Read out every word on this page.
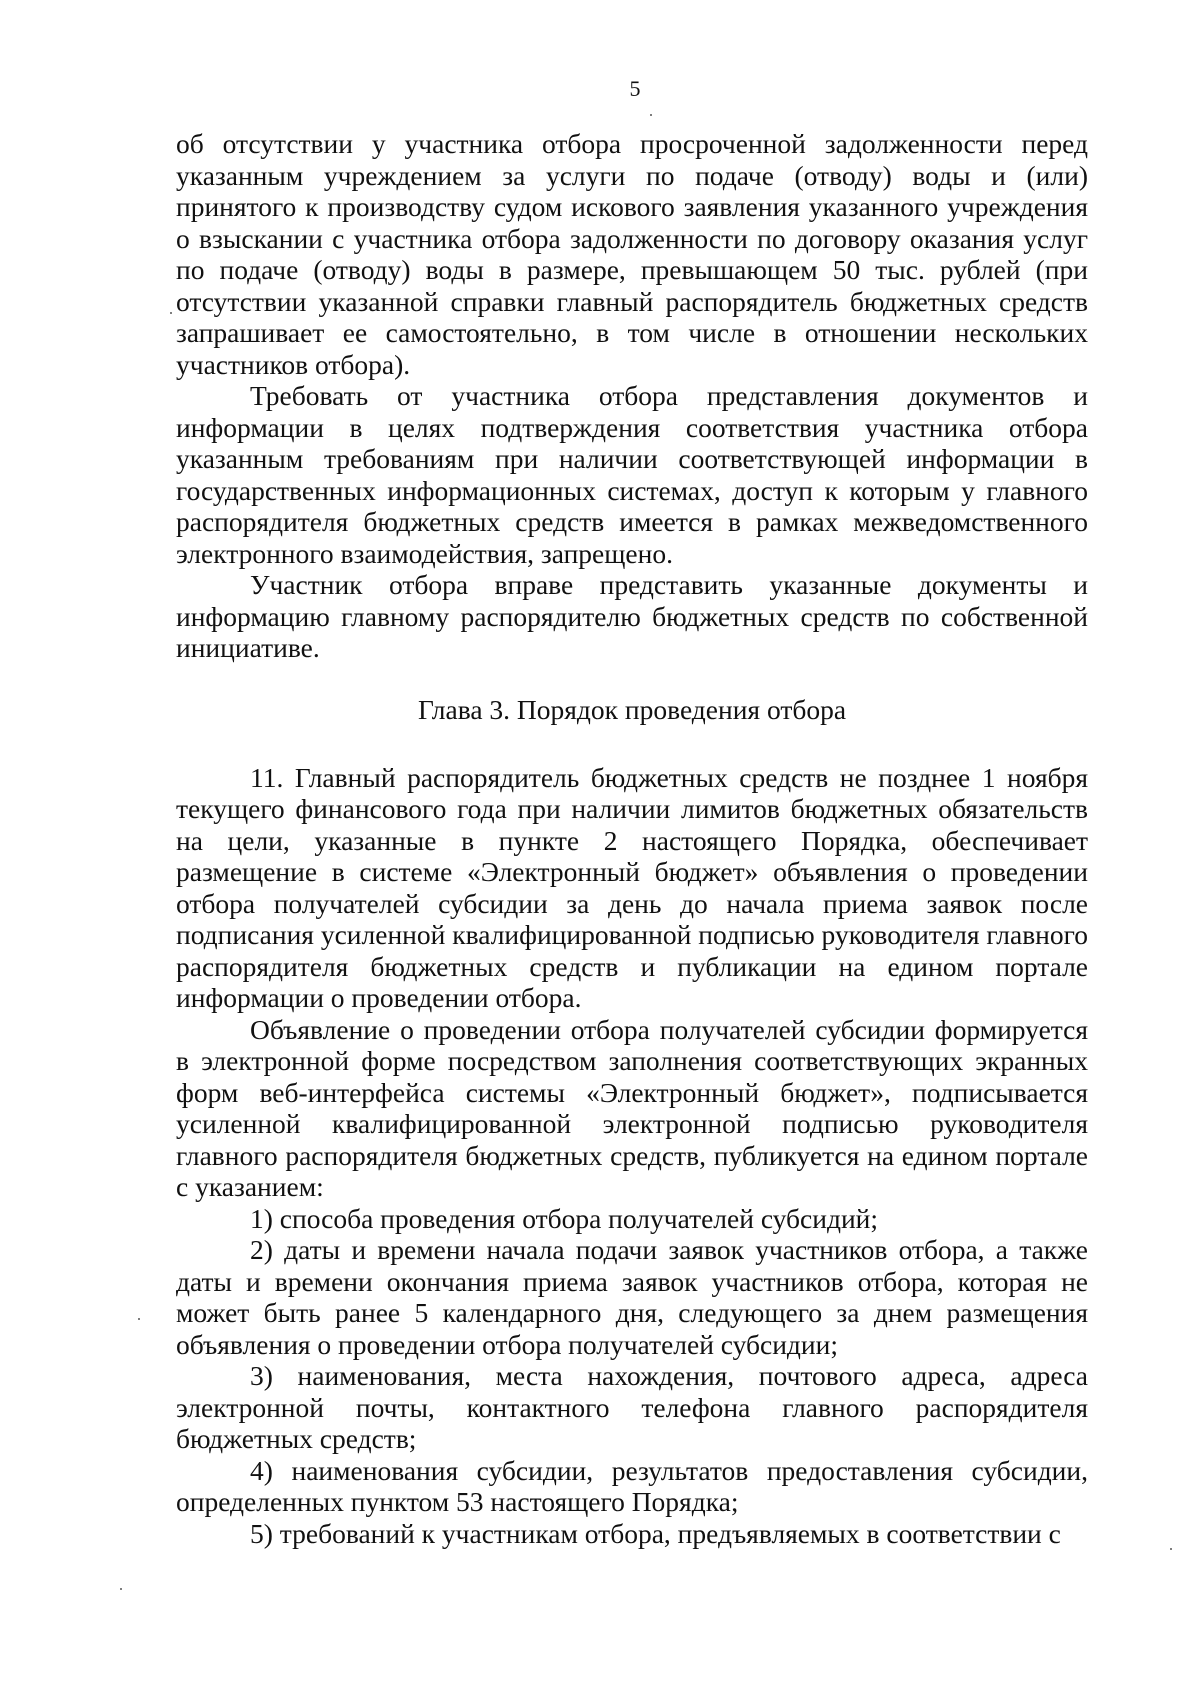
5

об отсутствии у участника отбора просроченной задолженности перед указанным учреждением за услуги по подаче (отводу) воды и (или) принятого к производству судом искового заявления указанного учреждения о взыскании с участника отбора задолженности по договору оказания услуг по подаче (отводу) воды в размере, превышающем 50 тыс. рублей (при отсутствии указанной справки главный распорядитель бюджетных средств запрашивает ее самостоятельно, в том числе в отношении нескольких участников отбора).

Требовать от участника отбора представления документов и информации в целях подтверждения соответствия участника отбора указанным требованиям при наличии соответствующей информации в государственных информационных системах, доступ к которым у главного распорядителя бюджетных средств имеется в рамках межведомственного электронного взаимодействия, запрещено.

Участник отбора вправе представить указанные документы и информацию главному распорядителю бюджетных средств по собственной инициативе.

Глава 3. Порядок проведения отбора

11. Главный распорядитель бюджетных средств не позднее 1 ноября текущего финансового года при наличии лимитов бюджетных обязательств на цели, указанные в пункте 2 настоящего Порядка, обеспечивает размещение в системе «Электронный бюджет» объявления о проведении отбора получателей субсидии за день до начала приема заявок после подписания усиленной квалифицированной подписью руководителя главного распорядителя бюджетных средств и публикации на едином портале информации о проведении отбора.

Объявление о проведении отбора получателей субсидии формируется в электронной форме посредством заполнения соответствующих экранных форм веб-интерфейса системы «Электронный бюджет», подписывается усиленной квалифицированной электронной подписью руководителя главного распорядителя бюджетных средств, публикуется на едином портале с указанием:

1) способа проведения отбора получателей субсидий;

2) даты и времени начала подачи заявок участников отбора, а также даты и времени окончания приема заявок участников отбора, которая не может быть ранее 5 календарного дня, следующего за днем размещения объявления о проведении отбора получателей субсидии;

3) наименования, места нахождения, почтового адреса, адреса электронной почты, контактного телефона главного распорядителя бюджетных средств;

4) наименования субсидии, результатов предоставления субсидии, определенных пунктом 53 настоящего Порядка;

5) требований к участникам отбора, предъявляемых в соответствии с
